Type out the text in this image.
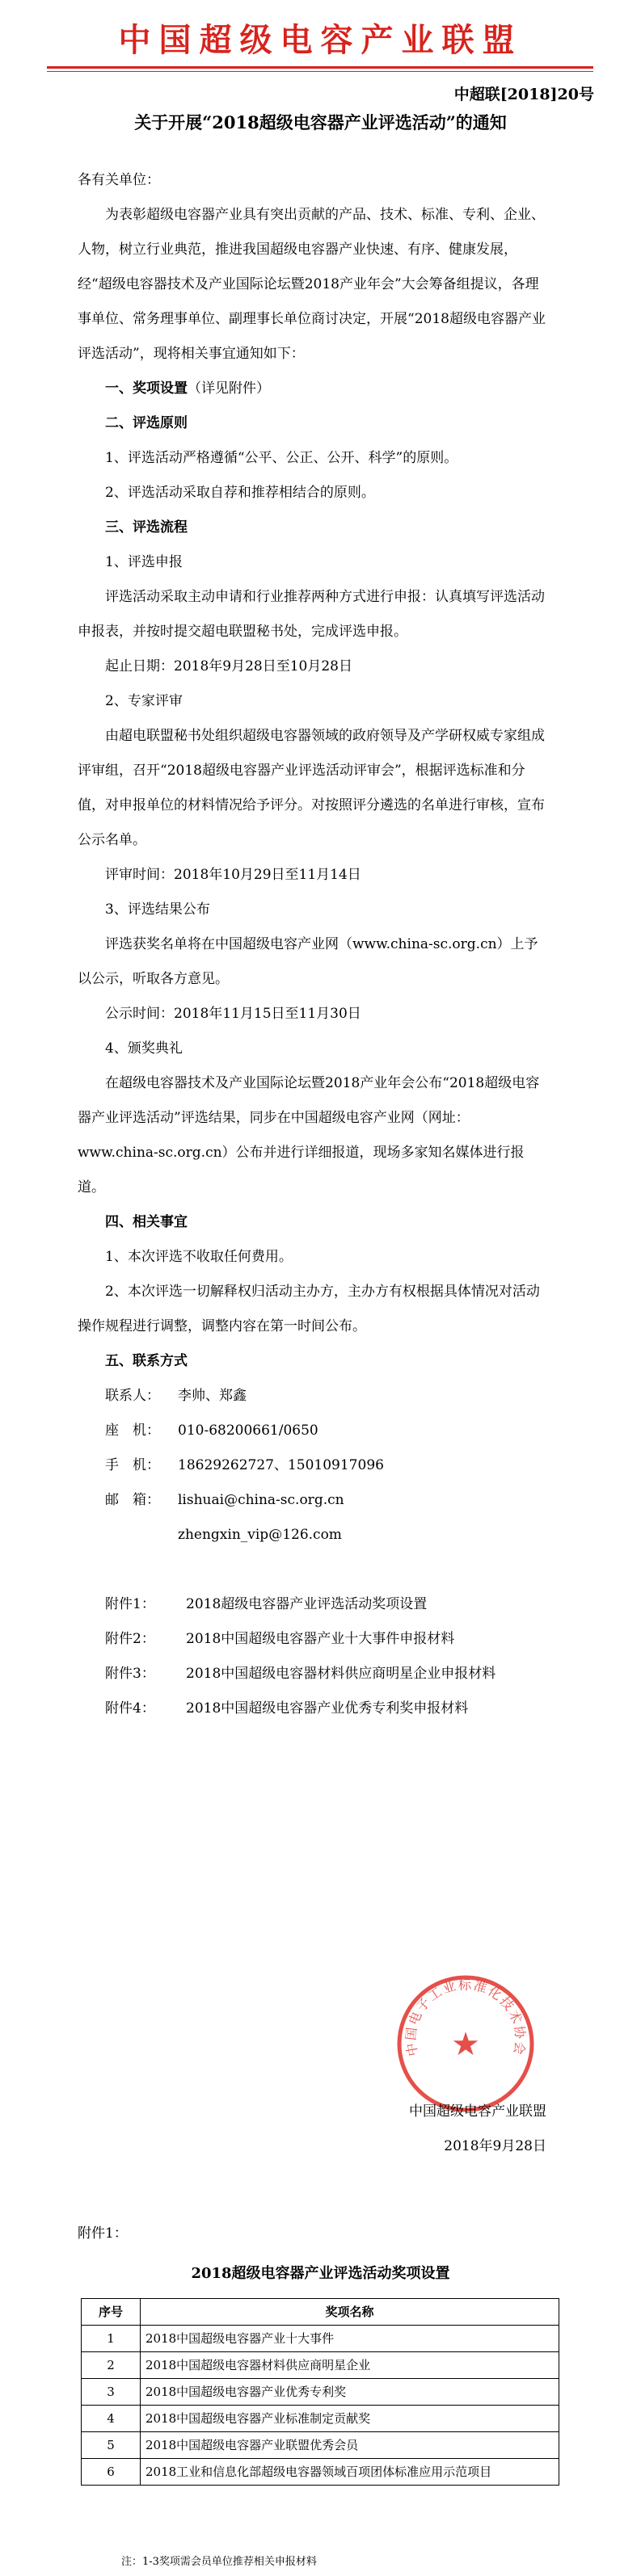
中国超级电容产业联盟
中超联[2018]20号
关于开展“2018超级电容器产业评选活动”的通知

各有关单位：

为表彰超级电容器产业具有突出贡献的产品、技术、标准、专利、企业、人物，树立行业典范，推进我国超级电容器产业快速、有序、健康发展，经“超级电容器技术及产业国际论坛暨2018产业年会”大会筹备组提议，各理事单位、常务理事单位、副理事长单位商讨决定，开展“2018超级电容器产业评选活动”，现将相关事宜通知如下：

一、奖项设置（详见附件）

二、评选原则

1、评选活动严格遵循“公平、公正、公开、科学”的原则。

2、评选活动采取自荐和推荐相结合的原则。

三、评选流程

1、评选申报

评选活动采取主动申请和行业推荐两种方式进行申报：认真填写评选活动申报表，并按时提交超电联盟秘书处，完成评选申报。

起止日期：2018年9月28日至10月28日

2、专家评审

由超电联盟秘书处组织超级电容器领域的政府领导及产学研权威专家组成评审组，召开“2018超级电容器产业评选活动评审会”，根据评选标准和分值，对申报单位的材料情况给予评分。对按照评分遴选的名单进行审核，宣布公示名单。

评审时间：2018年10月29日至11月14日

3、评选结果公布

评选获奖名单将在中国超级电容产业网（www.china-sc.org.cn）上予以公示，听取各方意见。

公示时间：2018年11月15日至11月30日

4、颁奖典礼

在超级电容器技术及产业国际论坛暨2018产业年会公布“2018超级电容器产业评选活动”评选结果，同步在中国超级电容产业网（网址：www.china-sc.org.cn）公布并进行详细报道，现场多家知名媒体进行报道。

四、相关事宜

1、本次评选不收取任何费用。

2、本次评选一切解释权归活动主办方，主办方有权根据具体情况对活动操作规程进行调整，调整内容在第一时间公布。

五、联系方式

联系人：	李帅、郑鑫
座　机：	010-68200661/0650
手　机：	18629262727、15010917096
邮　箱：	lishuai@china-sc.org.cn
zhengxin_vip@126.com
附件1：	2018超级电容器产业评选活动奖项设置
附件2：	2018中国超级电容器产业十大事件申报材料
附件3：	2018中国超级电容器材料供应商明星企业申报材料
附件4：	2018中国超级电容器产业优秀专利奖申报材料
中国电子工业标准化技术协会
★
中国超级电容产业联盟
2018年9月28日
附件1：
2018超级电容器产业评选活动奖项设置
序号	奖项名称
1	2018中国超级电容器产业十大事件
2	2018中国超级电容器材料供应商明星企业
3	2018中国超级电容器产业优秀专利奖
4	2018中国超级电容器产业标准制定贡献奖
5	2018中国超级电容器产业联盟优秀会员
6	2018工业和信息化部超级电容器领域百项团体标准应用示范项目
注：1-3奖项需会员单位推荐相关申报材料
